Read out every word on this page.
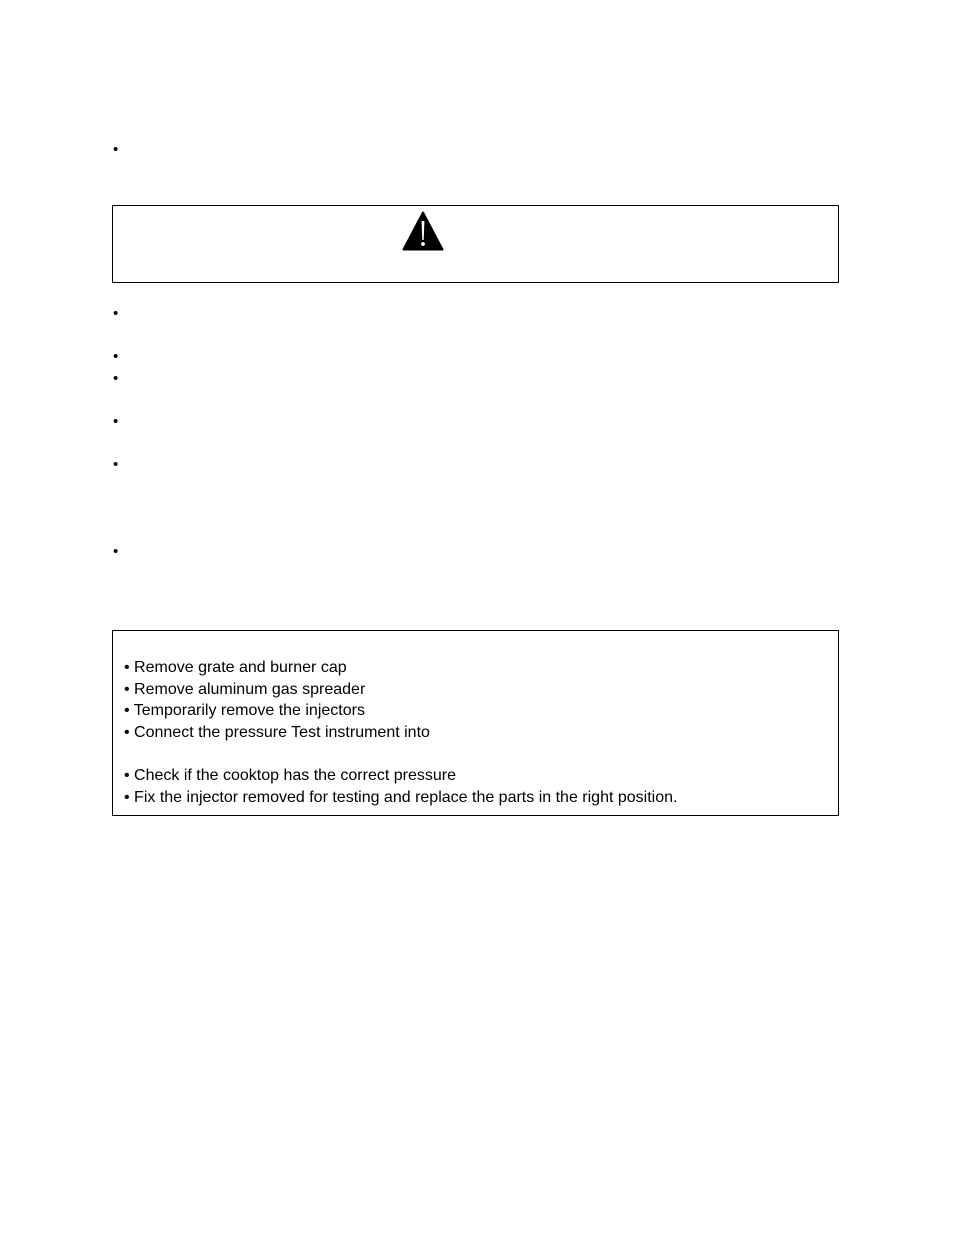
•
•
•
•
•
•
•
• Remove grate and burner cap
• Remove aluminum gas spreader
• Temporarily remove the injectors
• Connect the pressure Test instrument into
• Check if the cooktop has the correct pressure
• Fix the injector removed for testing and replace the parts in the right position.
